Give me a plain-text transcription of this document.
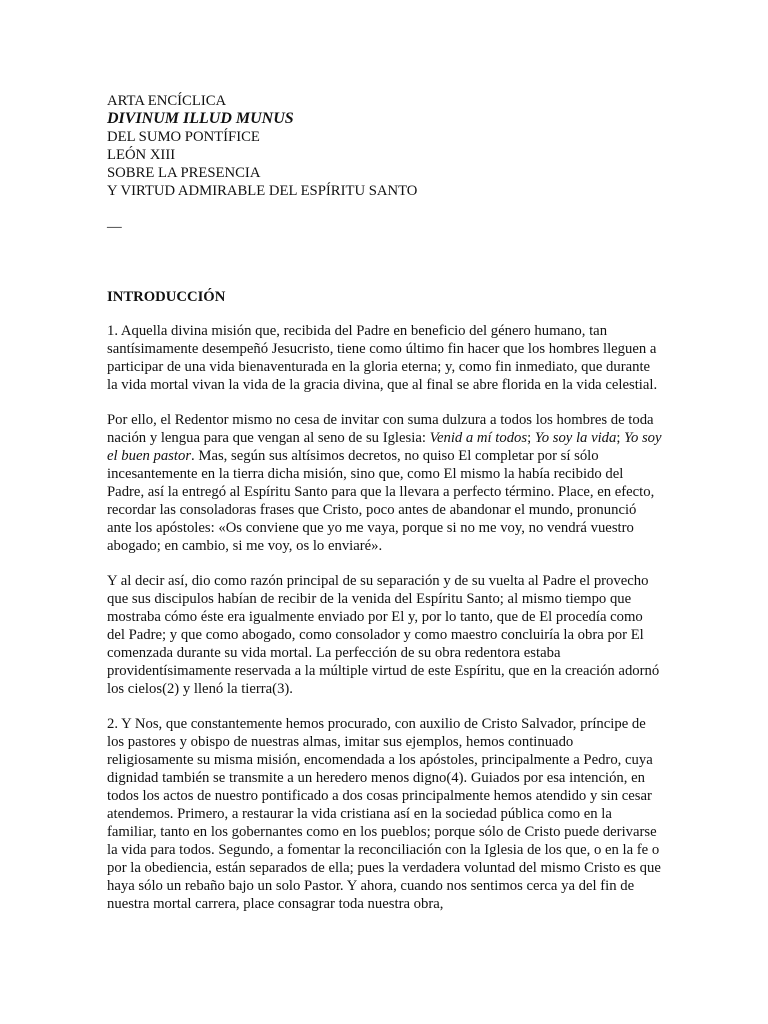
ARTA ENCÍCLICA
DIVINUM ILLUD MUNUS
DEL SUMO PONTÍFICE
LEÓN XIII
SOBRE LA PRESENCIA
Y VIRTUD ADMIRABLE DEL ESPÍRITU SANTO
—
INTRODUCCIÓN

1. Aquella divina misión que, recibida del Padre en beneficio del género humano, tan santísimamente desempeñó Jesucristo, tiene como último fin hacer que los hombres lleguen a participar de una vida bienaventurada en la gloria eterna; y, como fin inmediato, que durante la vida mortal vivan la vida de la gracia divina, que al final se abre florida en la vida celestial.

Por ello, el Redentor mismo no cesa de invitar con suma dulzura a todos los hombres de toda nación y lengua para que vengan al seno de su Iglesia: Venid a mí todos; Yo soy la vida; Yo soy el buen pastor. Mas, según sus altísimos decretos, no quiso El completar por sí sólo incesantemente en la tierra dicha misión, sino que, como El mismo la había recibido del Padre, así la entregó al Espíritu Santo para que la llevara a perfecto término. Place, en efecto, recordar las consoladoras frases que Cristo, poco antes de abandonar el mundo, pronunció ante los apóstoles: «Os conviene que yo me vaya, porque si no me voy, no vendrá vuestro abogado; en cambio, si me voy, os lo enviaré».

Y al decir así, dio como razón principal de su separación y de su vuelta al Padre el provecho que sus discipulos habían de recibir de la venida del Espíritu Santo; al mismo tiempo que mostraba cómo éste era igualmente enviado por El y, por lo tanto, que de El procedía como del Padre; y que como abogado, como consolador y como maestro concluiría la obra por El comenzada durante su vida mortal. La perfección de su obra redentora estaba providentísimamente reservada a la múltiple virtud de este Espíritu, que en la creación adornó los cielos(2) y llenó la tierra(3).

2. Y Nos, que constantemente hemos procurado, con auxilio de Cristo Salvador, príncipe de los pastores y obispo de nuestras almas, imitar sus ejemplos, hemos continuado religiosamente su misma misión, encomendada a los apóstoles, principalmente a Pedro, cuya dignidad también se transmite a un heredero menos digno(4). Guiados por esa intención, en todos los actos de nuestro pontificado a dos cosas principalmente hemos atendido y sin cesar atendemos. Primero, a restaurar la vida cristiana así en la sociedad pública como en la familiar, tanto en los gobernantes como en los pueblos; porque sólo de Cristo puede derivarse la vida para todos. Segundo, a fomentar la reconciliación con la Iglesia de los que, o en la fe o por la obediencia, están separados de ella; pues la verdadera voluntad del mismo Cristo es que haya sólo un rebaño bajo un solo Pastor. Y ahora, cuando nos sentimos cerca ya del fin de nuestra mortal carrera, place consagrar toda nuestra obra,
